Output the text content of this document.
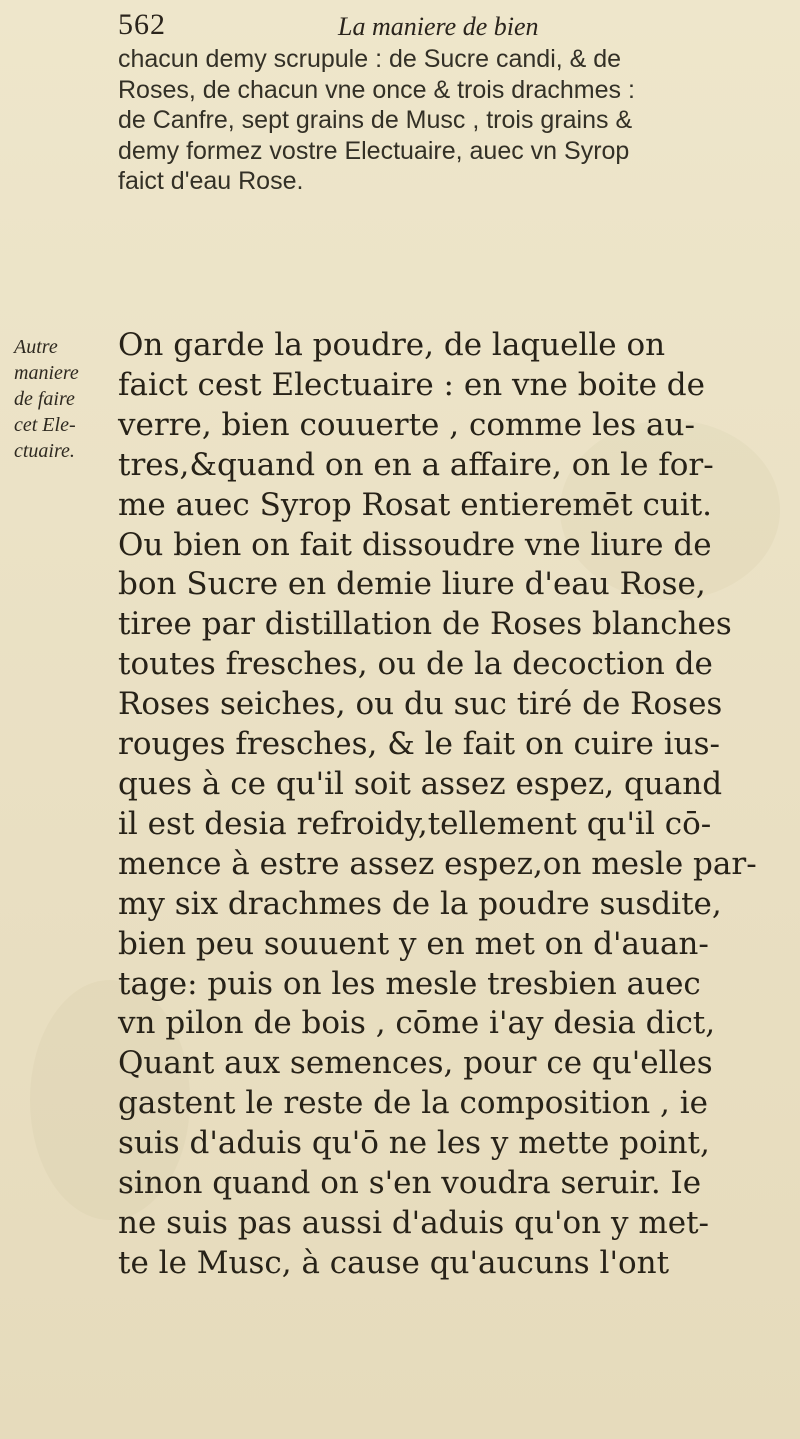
562	La maniere de bien
chacun demy scrupule : de Sucre candi, & de
Roses, de chacun vne once & trois drachmes :
de Canfre, sept grains de Musc , trois grains &
demy formez vostre Electuaire, auec vn Syrop
faict d'eau Rose.
Autre
maniere
de faire
cet Ele-
ctuaire.
On garde la poudre, de laquelle on
faict cest Electuaire : en vne boite de
verre, bien couuerte , comme les au-
tres,&quand on en a affaire, on le for-
me auec Syrop Rosat entieremēt cuit.
Ou bien on fait dissoudre vne liure de
bon Sucre en demie liure d'eau Rose,
tiree par distillation de Roses blanches
toutes fresches, ou de la decoction de
Roses seiches, ou du suc tiré de Roses
rouges fresches, & le fait on cuire ius-
ques à ce qu'il soit assez espez, quand
il est desia refroidy,tellement qu'il cō-
mence à estre assez espez,on mesle par-
my six drachmes de la poudre susdite,
bien peu souuent y en met on d'auan-
tage: puis on les mesle tresbien auec
vn pilon de bois , cōme i'ay desia dict,
Quant aux semences, pour ce qu'elles
gastent le reste de la composition , ie
suis d'aduis qu'ō ne les y mette point,
sinon quand on s'en voudra seruir. Ie
ne suis pas aussi d'aduis qu'on y met-
te le Musc, à cause qu'aucuns l'ont
